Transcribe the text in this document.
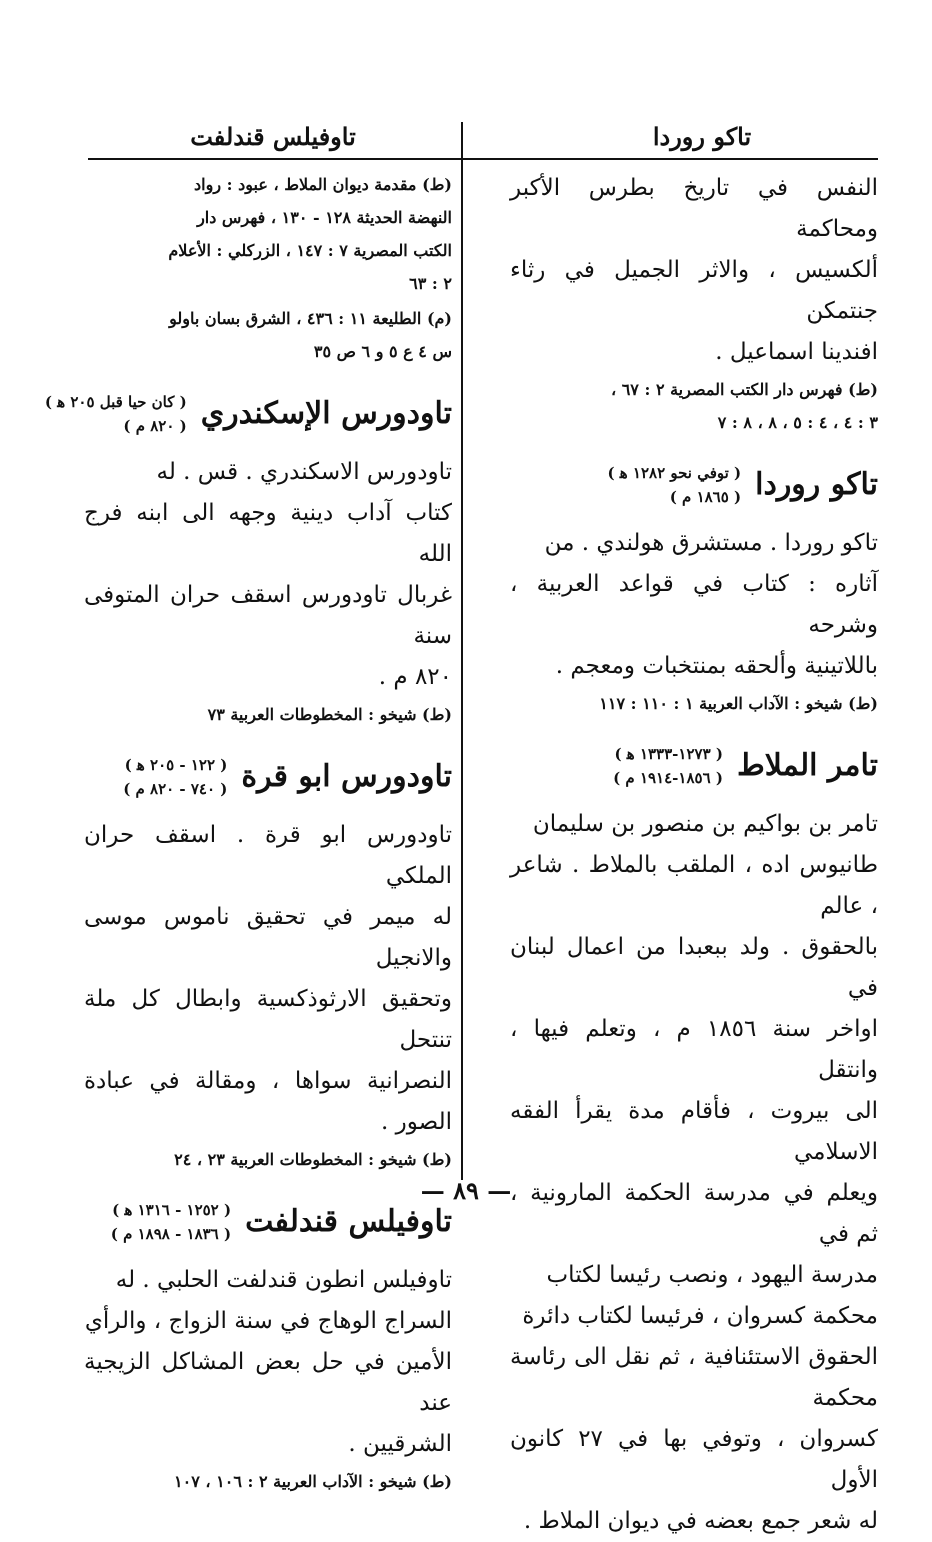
تاكو روردا
تاوفيلس قندلفت

النفس في تاريخ بطرس الأكبر ومحاكمة

ألكسيس ، والاثر الجميل في رثاء جنتمكن

افندينا اسماعيل .

(ط) فهرس دار الكتب المصرية ٢ : ٦٧ ،

٣ : ٤ ، ٤ : ٥ ، ٨ ، ٨ : ٧

تاكو روردا
( توفي نحو ١٢٨٢ ﻫ )
( ١٨٦٥ م )

تاكو روردا . مستشرق هولندي . من

آثاره : كتاب في قواعد العربية ، وشرحه

باللاتينية وألحقه بمنتخبات ومعجم .

(ط) شيخو : الآداب العربية ١ : ١١٠ : ١١٧

تامر الملاط
( ١٢٧٣-١٣٣٣ ﻫ )
( ١٨٥٦-١٩١٤ م )

تامر بن بواكيم بن منصور بن سليمان

طانيوس اده ، الملقب بالملاط . شاعر ، عالم

بالحقوق . ولد ببعبدا من اعمال لبنان في

اواخر سنة ١٨٥٦ م ، وتعلم فيها ، وانتقل

الى بيروت ، فأقام مدة يقرأ الفقه الاسلامي

ويعلم في مدرسة الحكمة المارونية ، ثم في

مدرسة اليهود ، ونصب رئيسا لكتاب

محكمة كسروان ، فرئيسا لكتاب دائرة

الحقوق الاستئنافية ، ثم نقل الى رئاسة محكمة

كسروان ، وتوفي بها في ٢٧ كانون الأول

له شعر جمع بعضه في ديوان الملاط .

(ط) مقدمة ديوان الملاط ، عبود : رواد

النهضة الحديثة ١٢٨ - ١٣٠ ، فهرس دار

الكتب المصرية ٧ : ١٤٧ ، الزركلي : الأعلام

٢ : ٦٣

(م) الطليعة ١١ : ٤٣٦ ، الشرق بسان باولو

س ٤ ع ٥ و ٦ ص ٣٥

تاودورس الإسكندري
( كان حيا قبل ٢٠٥ ﻫ )
( ٨٢٠ م )

تاودورس الاسكندري . قس . له

كتاب آداب دينية وجهه الى ابنه فرج الله

غربال تاودورس اسقف حران المتوفى سنة

٨٢٠ م .

(ط) شيخو : المخطوطات العربية ٧٣

تاودورس ابو قرة
( ١٢٢ - ٢٠٥ ﻫ )
( ٧٤٠ - ٨٢٠ م )

تاودورس ابو قرة . اسقف حران الملكي

له ميمر في تحقيق ناموس موسى والانجيل

وتحقيق الارثوذكسية وابطال كل ملة تنتحل

النصرانية سواها ، ومقالة في عبادة الصور .

(ط) شيخو : المخطوطات العربية ٢٣ ، ٢٤

تاوفيلس قندلفت
( ١٢٥٢ - ١٣١٦ ﻫ )
( ١٨٣٦ - ١٨٩٨ م )

تاوفيلس انطون قندلفت الحلبي . له

السراج الوهاج في سنة الزواج ، والرأي

الأمين في حل بعض المشاكل الزيجية عند

الشرقيين .

(ط) شيخو : الآداب العربية ٢ : ١٠٦ ، ١٠٧

— ٨٩ —
